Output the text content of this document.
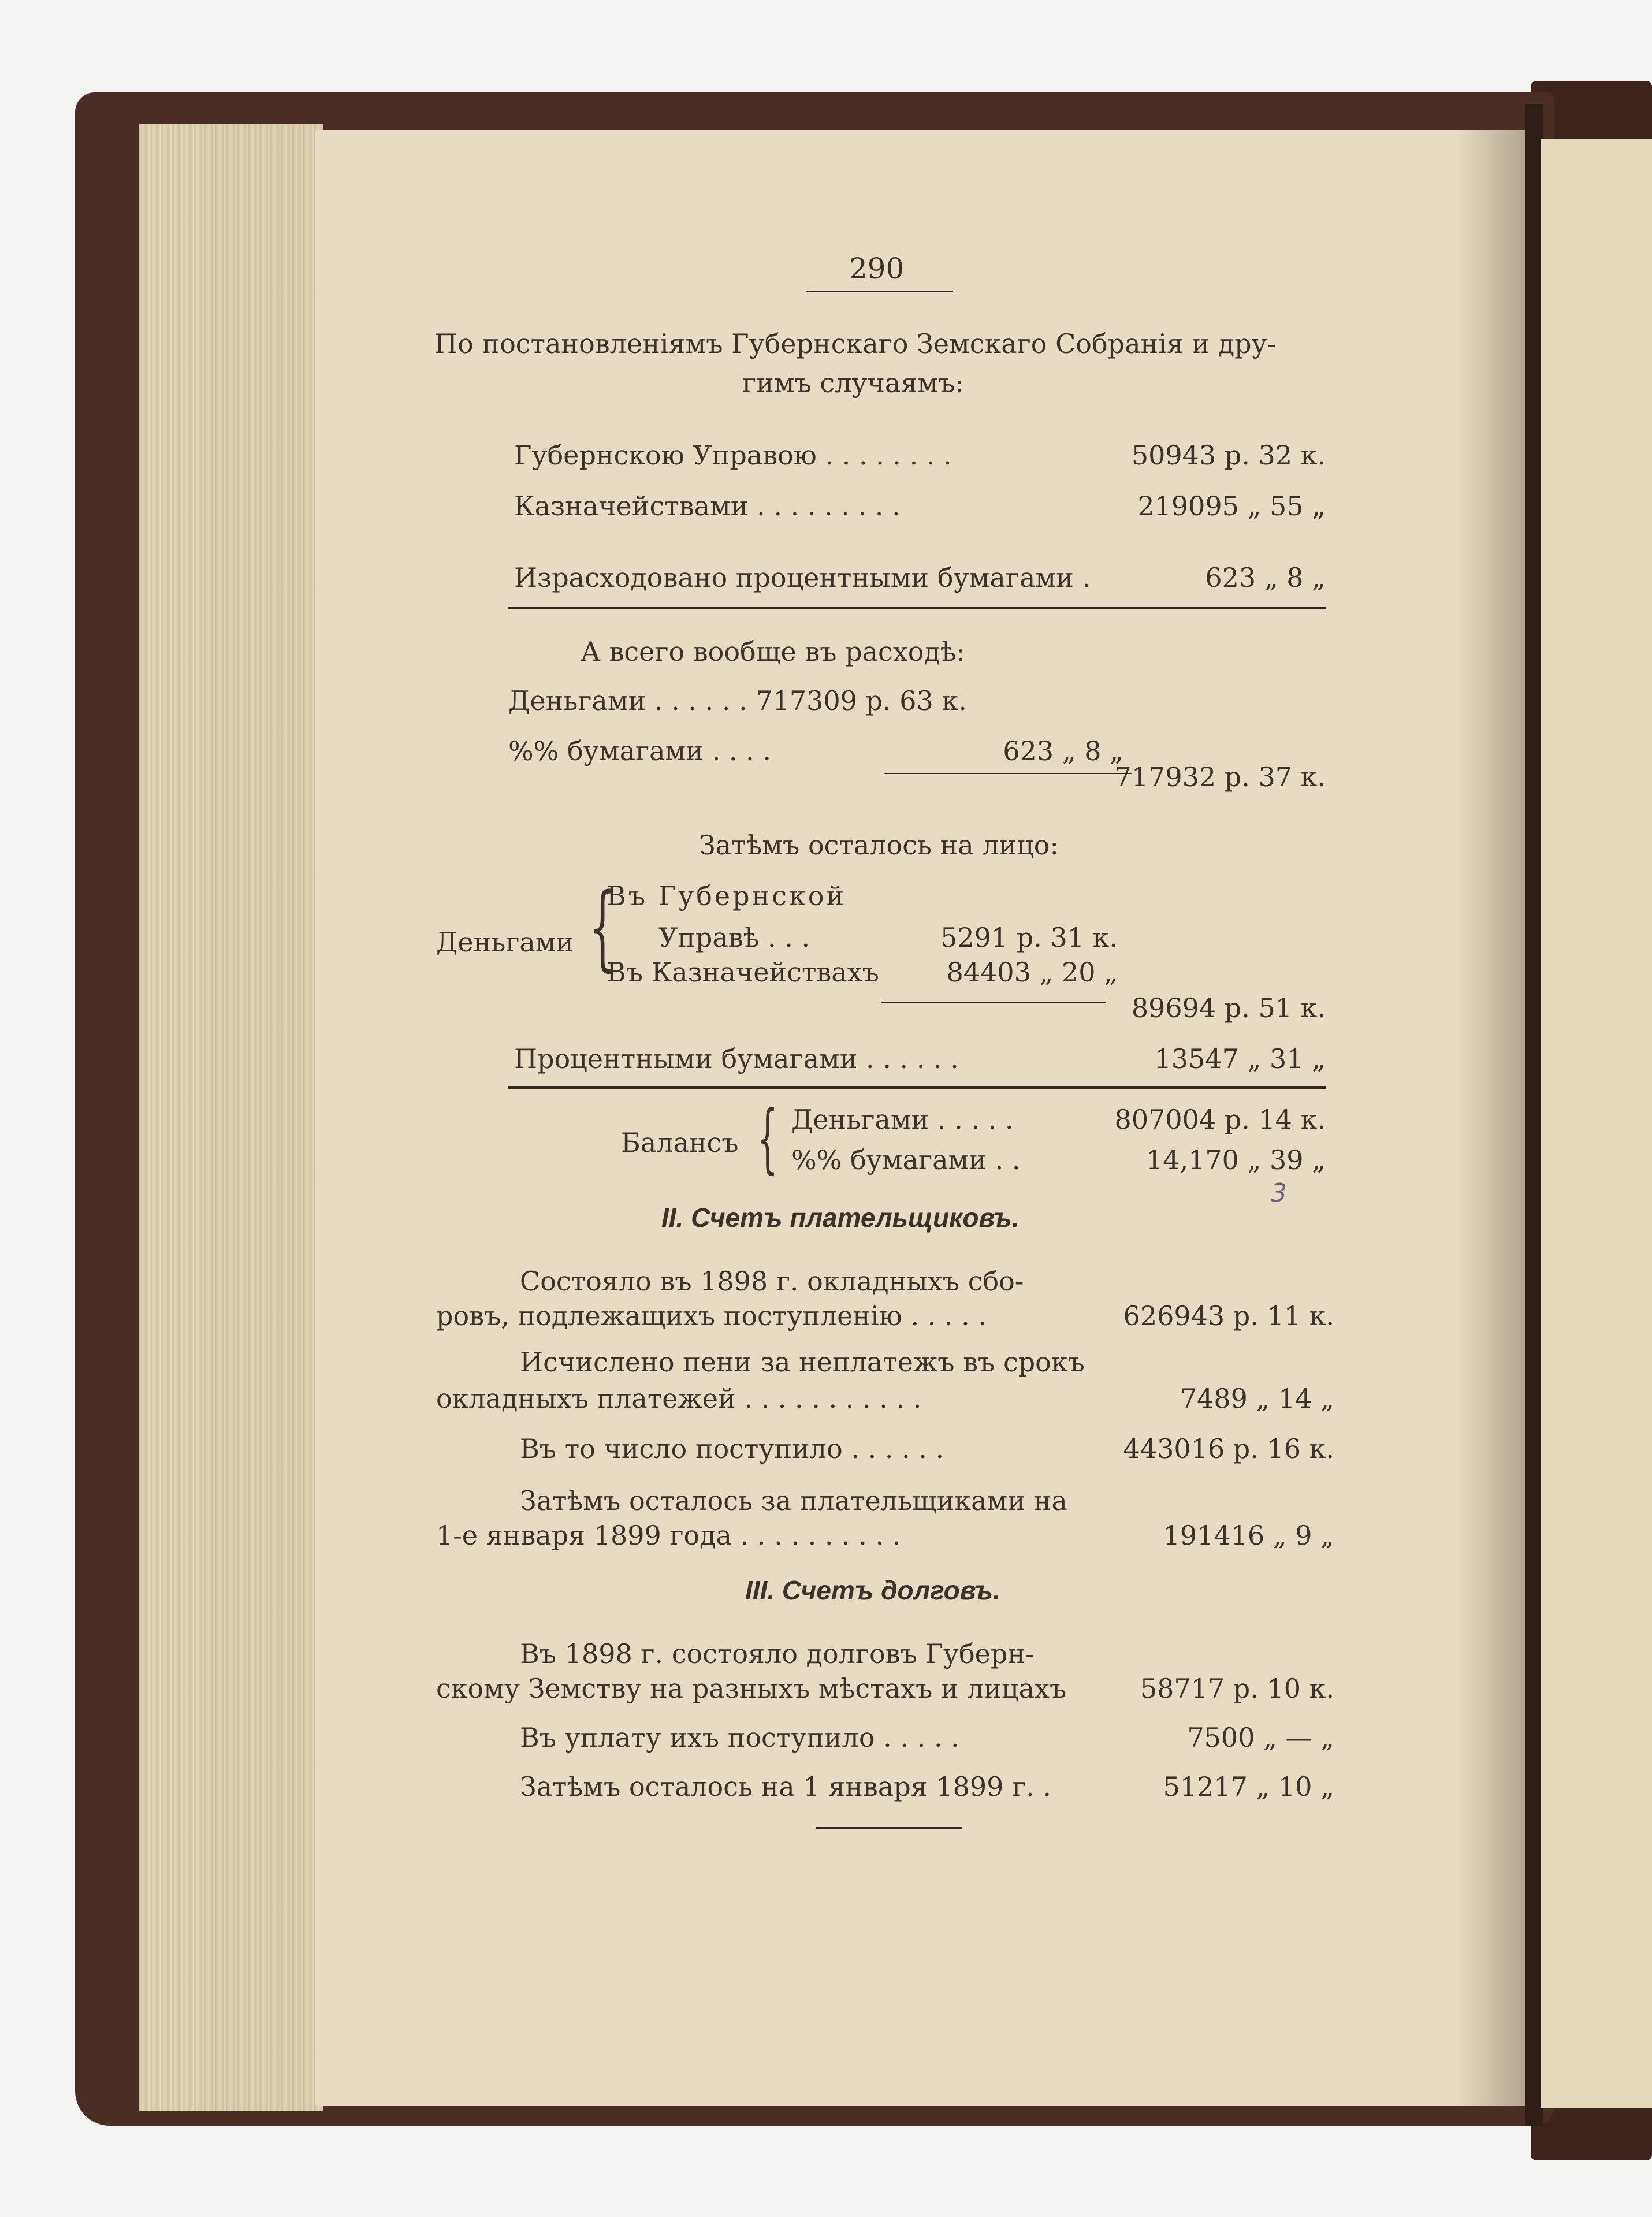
290
По постановленіямъ Губернскаго Земскаго Собранія и дру-
гимъ случаямъ:
Губернскою Управою . . . . . . . .	50943 р. 32 к.
Казначействами . . . . . . . . .	219095 „ 55 „
Израсходовано процентными бумагами .	623 „ 8 „
А всего вообще въ расходѣ:
Деньгами . . . . . . 717309 р. 63 к.
%% бумагами . . . .	623 „ 8 „
717932 р. 37 к.
Затѣмъ осталось на лицо:
{
Деньгами
Въ Губернской
Управѣ . . .	5291 р. 31 к.
Въ Казначействахъ	84403 „ 20 „
89694 р. 51 к.
Процентными бумагами . . . . . .	13547 „ 31 „
Балансъ { Деньгами . . . . .	807004 р. 14 к.
%% бумагами . .	14,170 „ 39 „
3
II. Счетъ плательщиковъ.
Состояло въ 1898 г. окладныхъ сбо-
ровъ, подлежащихъ поступленію . . . . .	626943 р. 11 к.
Исчислено пени за неплатежъ въ срокъ
окладныхъ платежей . . . . . . . . . . .	7489 „ 14 „
Въ то число поступило . . . . . .	443016 р. 16 к.
Затѣмъ осталось за плательщиками на
1-е января 1899 года . . . . . . . . . .	191416 „ 9 „
III. Счетъ долговъ.
Въ 1898 г. состояло долговъ Губерн-
скому Земству на разныхъ мѣстахъ и лицахъ	58717 р. 10 к.
Въ уплату ихъ поступило . . . . .	7500 „ — „
Затѣмъ осталось на 1 января 1899 г. .	51217 „ 10 „
